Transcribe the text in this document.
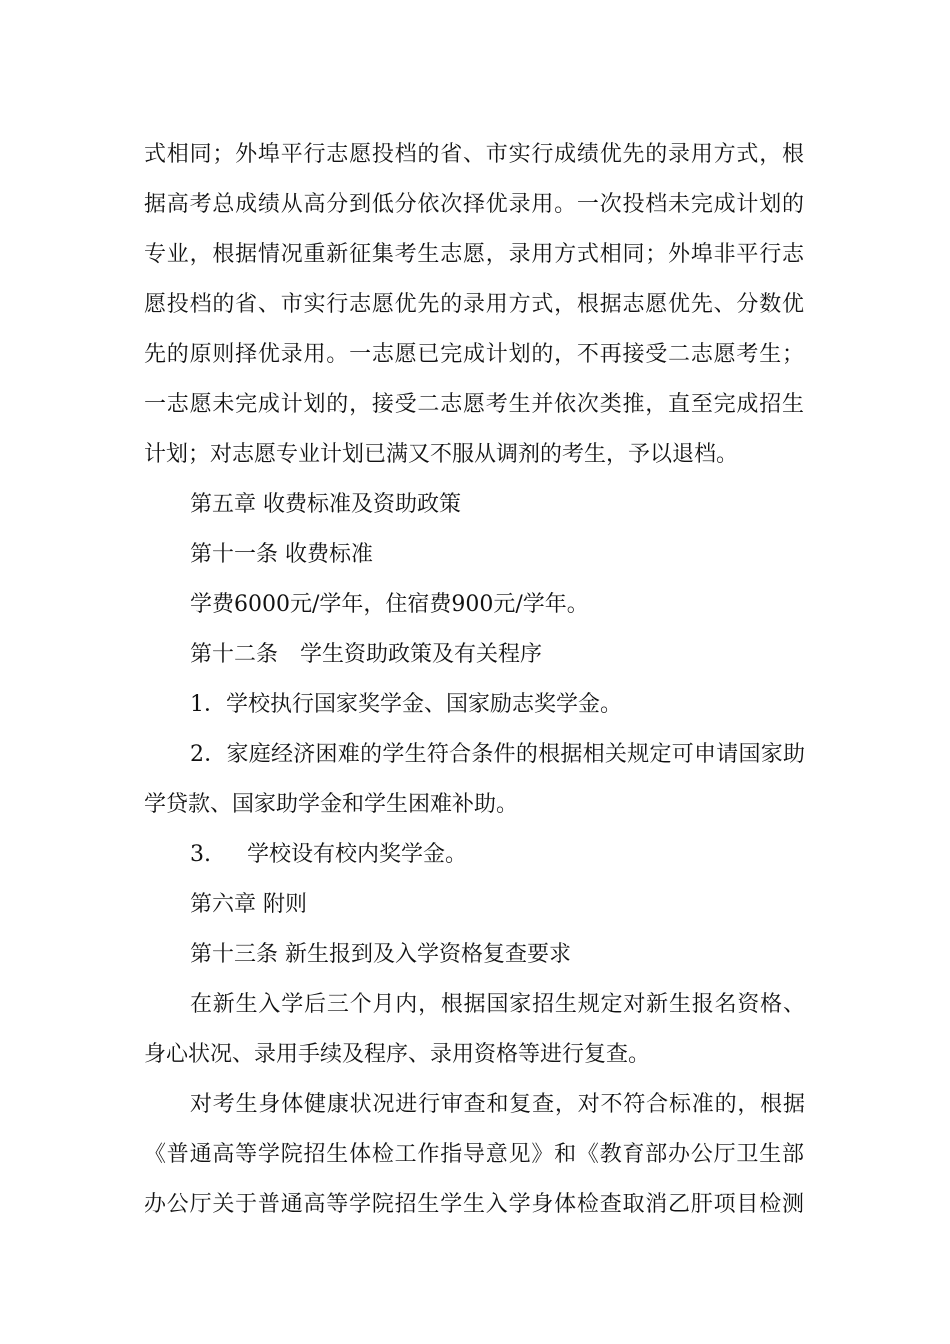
式相同；外埠平行志愿投档的省、市实行成绩优先的录用方式，根
据高考总成绩从高分到低分依次择优录用。一次投档未完成计划的
专业，根据情况重新征集考生志愿，录用方式相同；外埠非平行志
愿投档的省、市实行志愿优先的录用方式，根据志愿优先、分数优
先的原则择优录用。一志愿已完成计划的，不再接受二志愿考生；
一志愿未完成计划的，接受二志愿考生并依次类推，直至完成招生
计划；对志愿专业计划已满又不服从调剂的考生，予以退档。
第五章 收费标准及资助政策
第十一条 收费标准
学费6000元/学年，住宿费900元/学年。
第十二条　学生资助政策及有关程序
1．学校执行国家奖学金、国家励志奖学金。
2．家庭经济困难的学生符合条件的根据相关规定可申请国家助
学贷款、国家助学金和学生困难补助。
3. 学校设有校内奖学金。
第六章 附则
第十三条 新生报到及入学资格复查要求
在新生入学后三个月内，根据国家招生规定对新生报名资格、
身心状况、录用手续及程序、录用资格等进行复查。
对考生身体健康状况进行审查和复查，对不符合标准的，根据
《普通高等学院招生体检工作指导意见》和《教育部办公厅卫生部
办公厅关于普通高等学院招生学生入学身体检查取消乙肝项目检测
